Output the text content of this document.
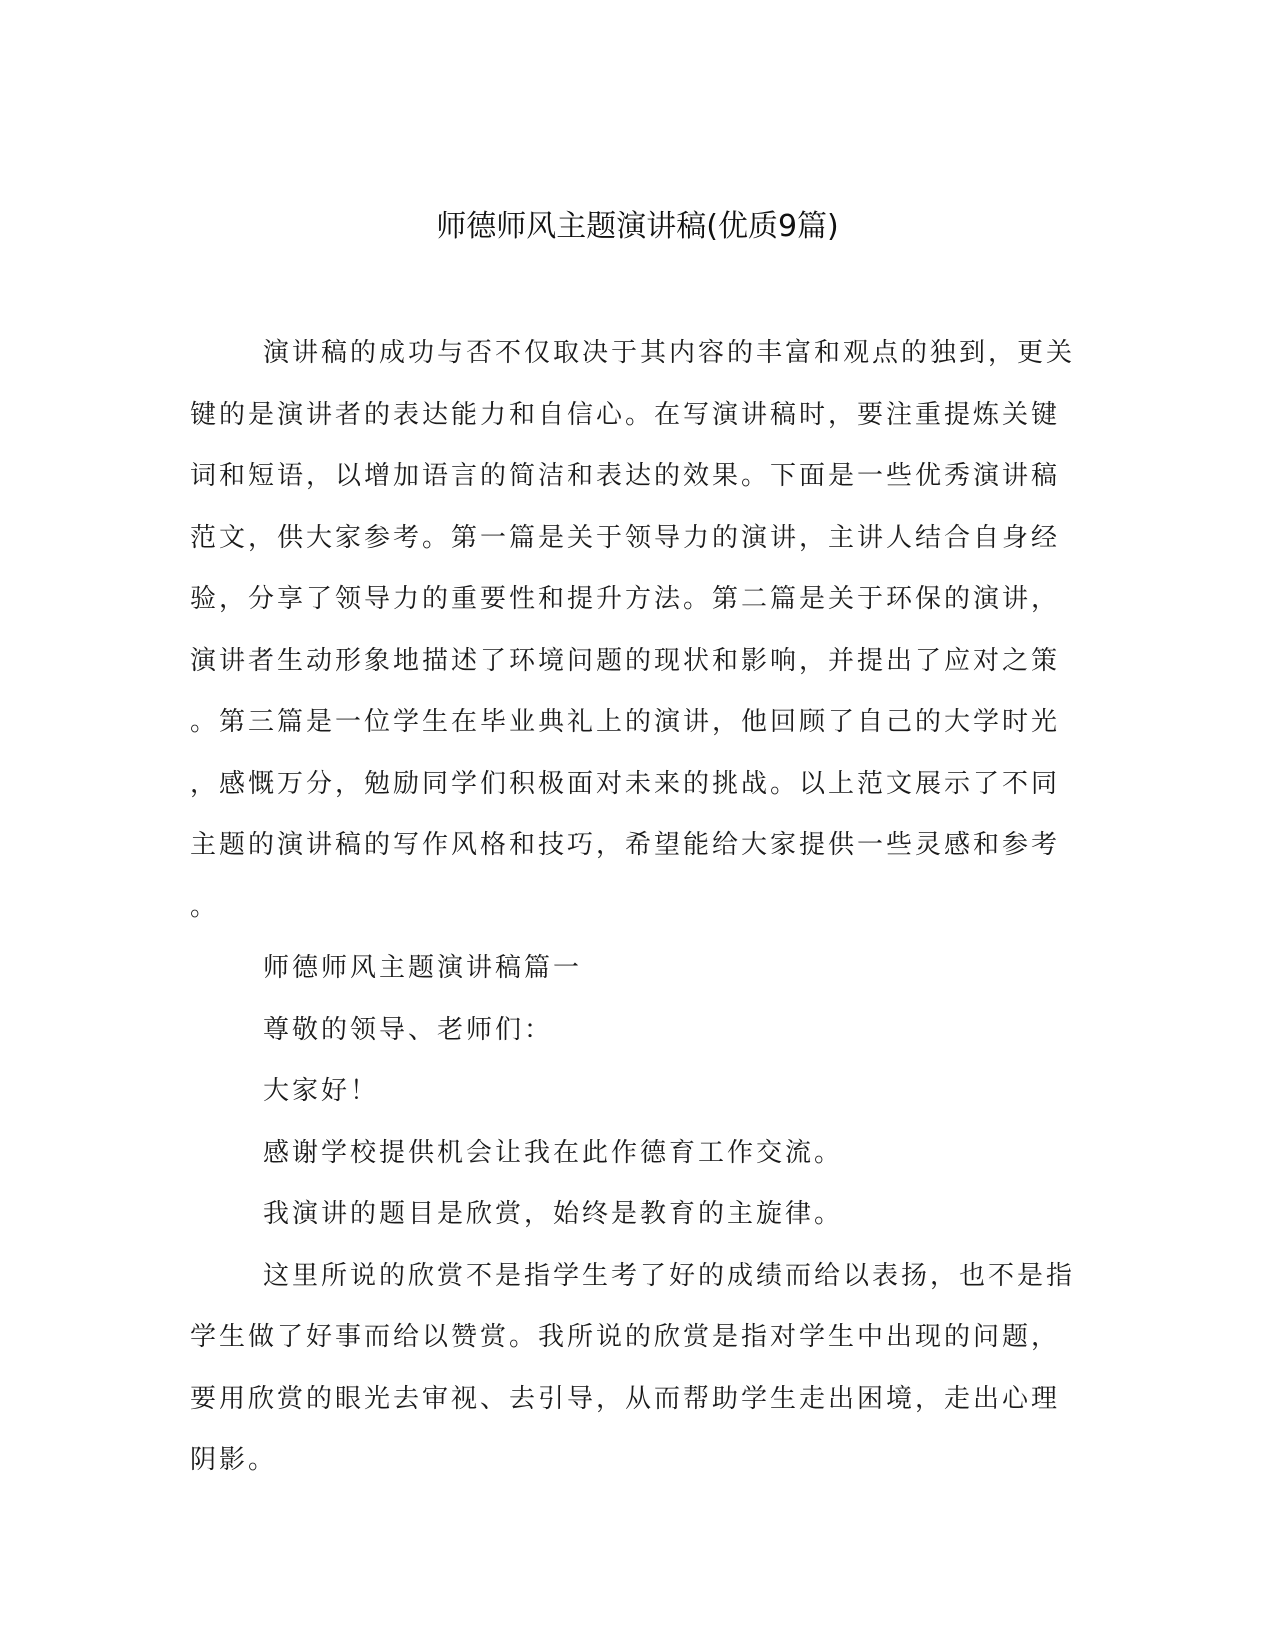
师德师风主题演讲稿(优质9篇)
演讲稿的成功与否不仅取决于其内容的丰富和观点的独到，更关
键的是演讲者的表达能力和自信心。在写演讲稿时，要注重提炼关键
词和短语，以增加语言的简洁和表达的效果。下面是一些优秀演讲稿
范文，供大家参考。第一篇是关于领导力的演讲，主讲人结合自身经
验，分享了领导力的重要性和提升方法。第二篇是关于环保的演讲，
演讲者生动形象地描述了环境问题的现状和影响，并提出了应对之策
。第三篇是一位学生在毕业典礼上的演讲，他回顾了自己的大学时光
，感慨万分，勉励同学们积极面对未来的挑战。以上范文展示了不同
主题的演讲稿的写作风格和技巧，希望能给大家提供一些灵感和参考
。
师德师风主题演讲稿篇一
尊敬的领导、老师们：
大家好！
感谢学校提供机会让我在此作德育工作交流。
我演讲的题目是欣赏，始终是教育的主旋律。
这里所说的欣赏不是指学生考了好的成绩而给以表扬，也不是指
学生做了好事而给以赞赏。我所说的欣赏是指对学生中出现的问题，
要用欣赏的眼光去审视、去引导，从而帮助学生走出困境，走出心理
阴影。
